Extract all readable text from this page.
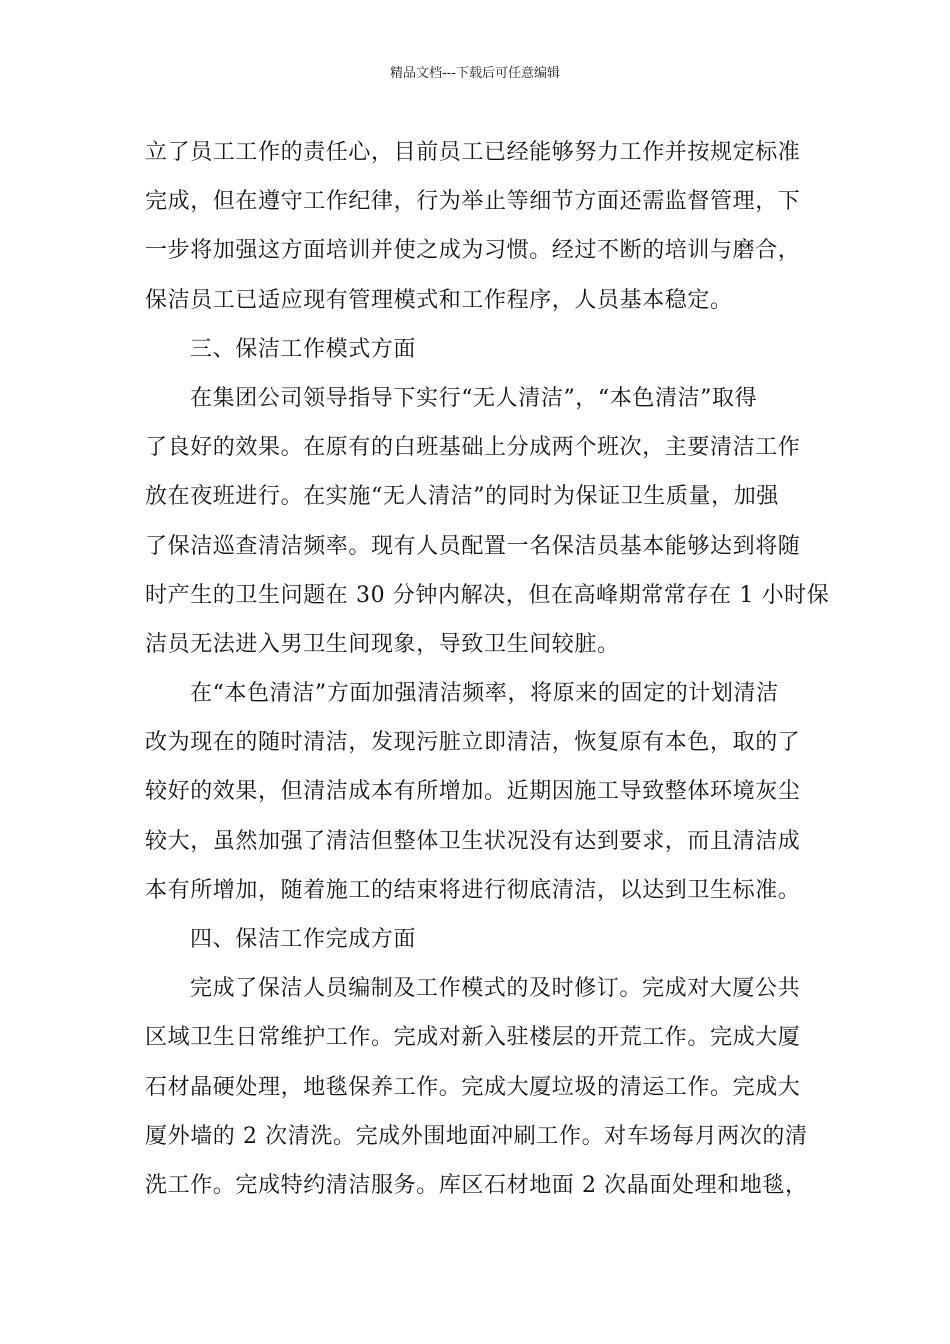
精品文档---下载后可任意编辑
立了员工工作的责任心，目前员工已经能够努力工作并按规定标准
完成，但在遵守工作纪律，行为举止等细节方面还需监督管理，下
一步将加强这方面培训并使之成为习惯。经过不断的培训与磨合，
保洁员工已适应现有管理模式和工作程序，人员基本稳定。
三、保洁工作模式方面
在集团公司领导指导下实行“无人清洁”，“本色清洁”取得
了良好的效果。在原有的白班基础上分成两个班次，主要清洁工作
放在夜班进行。在实施“无人清洁”的同时为保证卫生质量，加强
了保洁巡查清洁频率。现有人员配置一名保洁员基本能够达到将随
时产生的卫生问题在 30 分钟内解决，但在高峰期常常存在 1 小时保
洁员无法进入男卫生间现象，导致卫生间较脏。
在“本色清洁”方面加强清洁频率，将原来的固定的计划清洁
改为现在的随时清洁，发现污脏立即清洁，恢复原有本色，取的了
较好的效果，但清洁成本有所增加。近期因施工导致整体环境灰尘
较大，虽然加强了清洁但整体卫生状况没有达到要求，而且清洁成
本有所增加，随着施工的结束将进行彻底清洁，以达到卫生标准。
四、保洁工作完成方面
完成了保洁人员编制及工作模式的及时修订。完成对大厦公共
区域卫生日常维护工作。完成对新入驻楼层的开荒工作。完成大厦
石材晶硬处理，地毯保养工作。完成大厦垃圾的清运工作。完成大
厦外墙的 2 次清洗。完成外围地面冲刷工作。对车场每月两次的清
洗工作。完成特约清洁服务。库区石材地面 2 次晶面处理和地毯，
